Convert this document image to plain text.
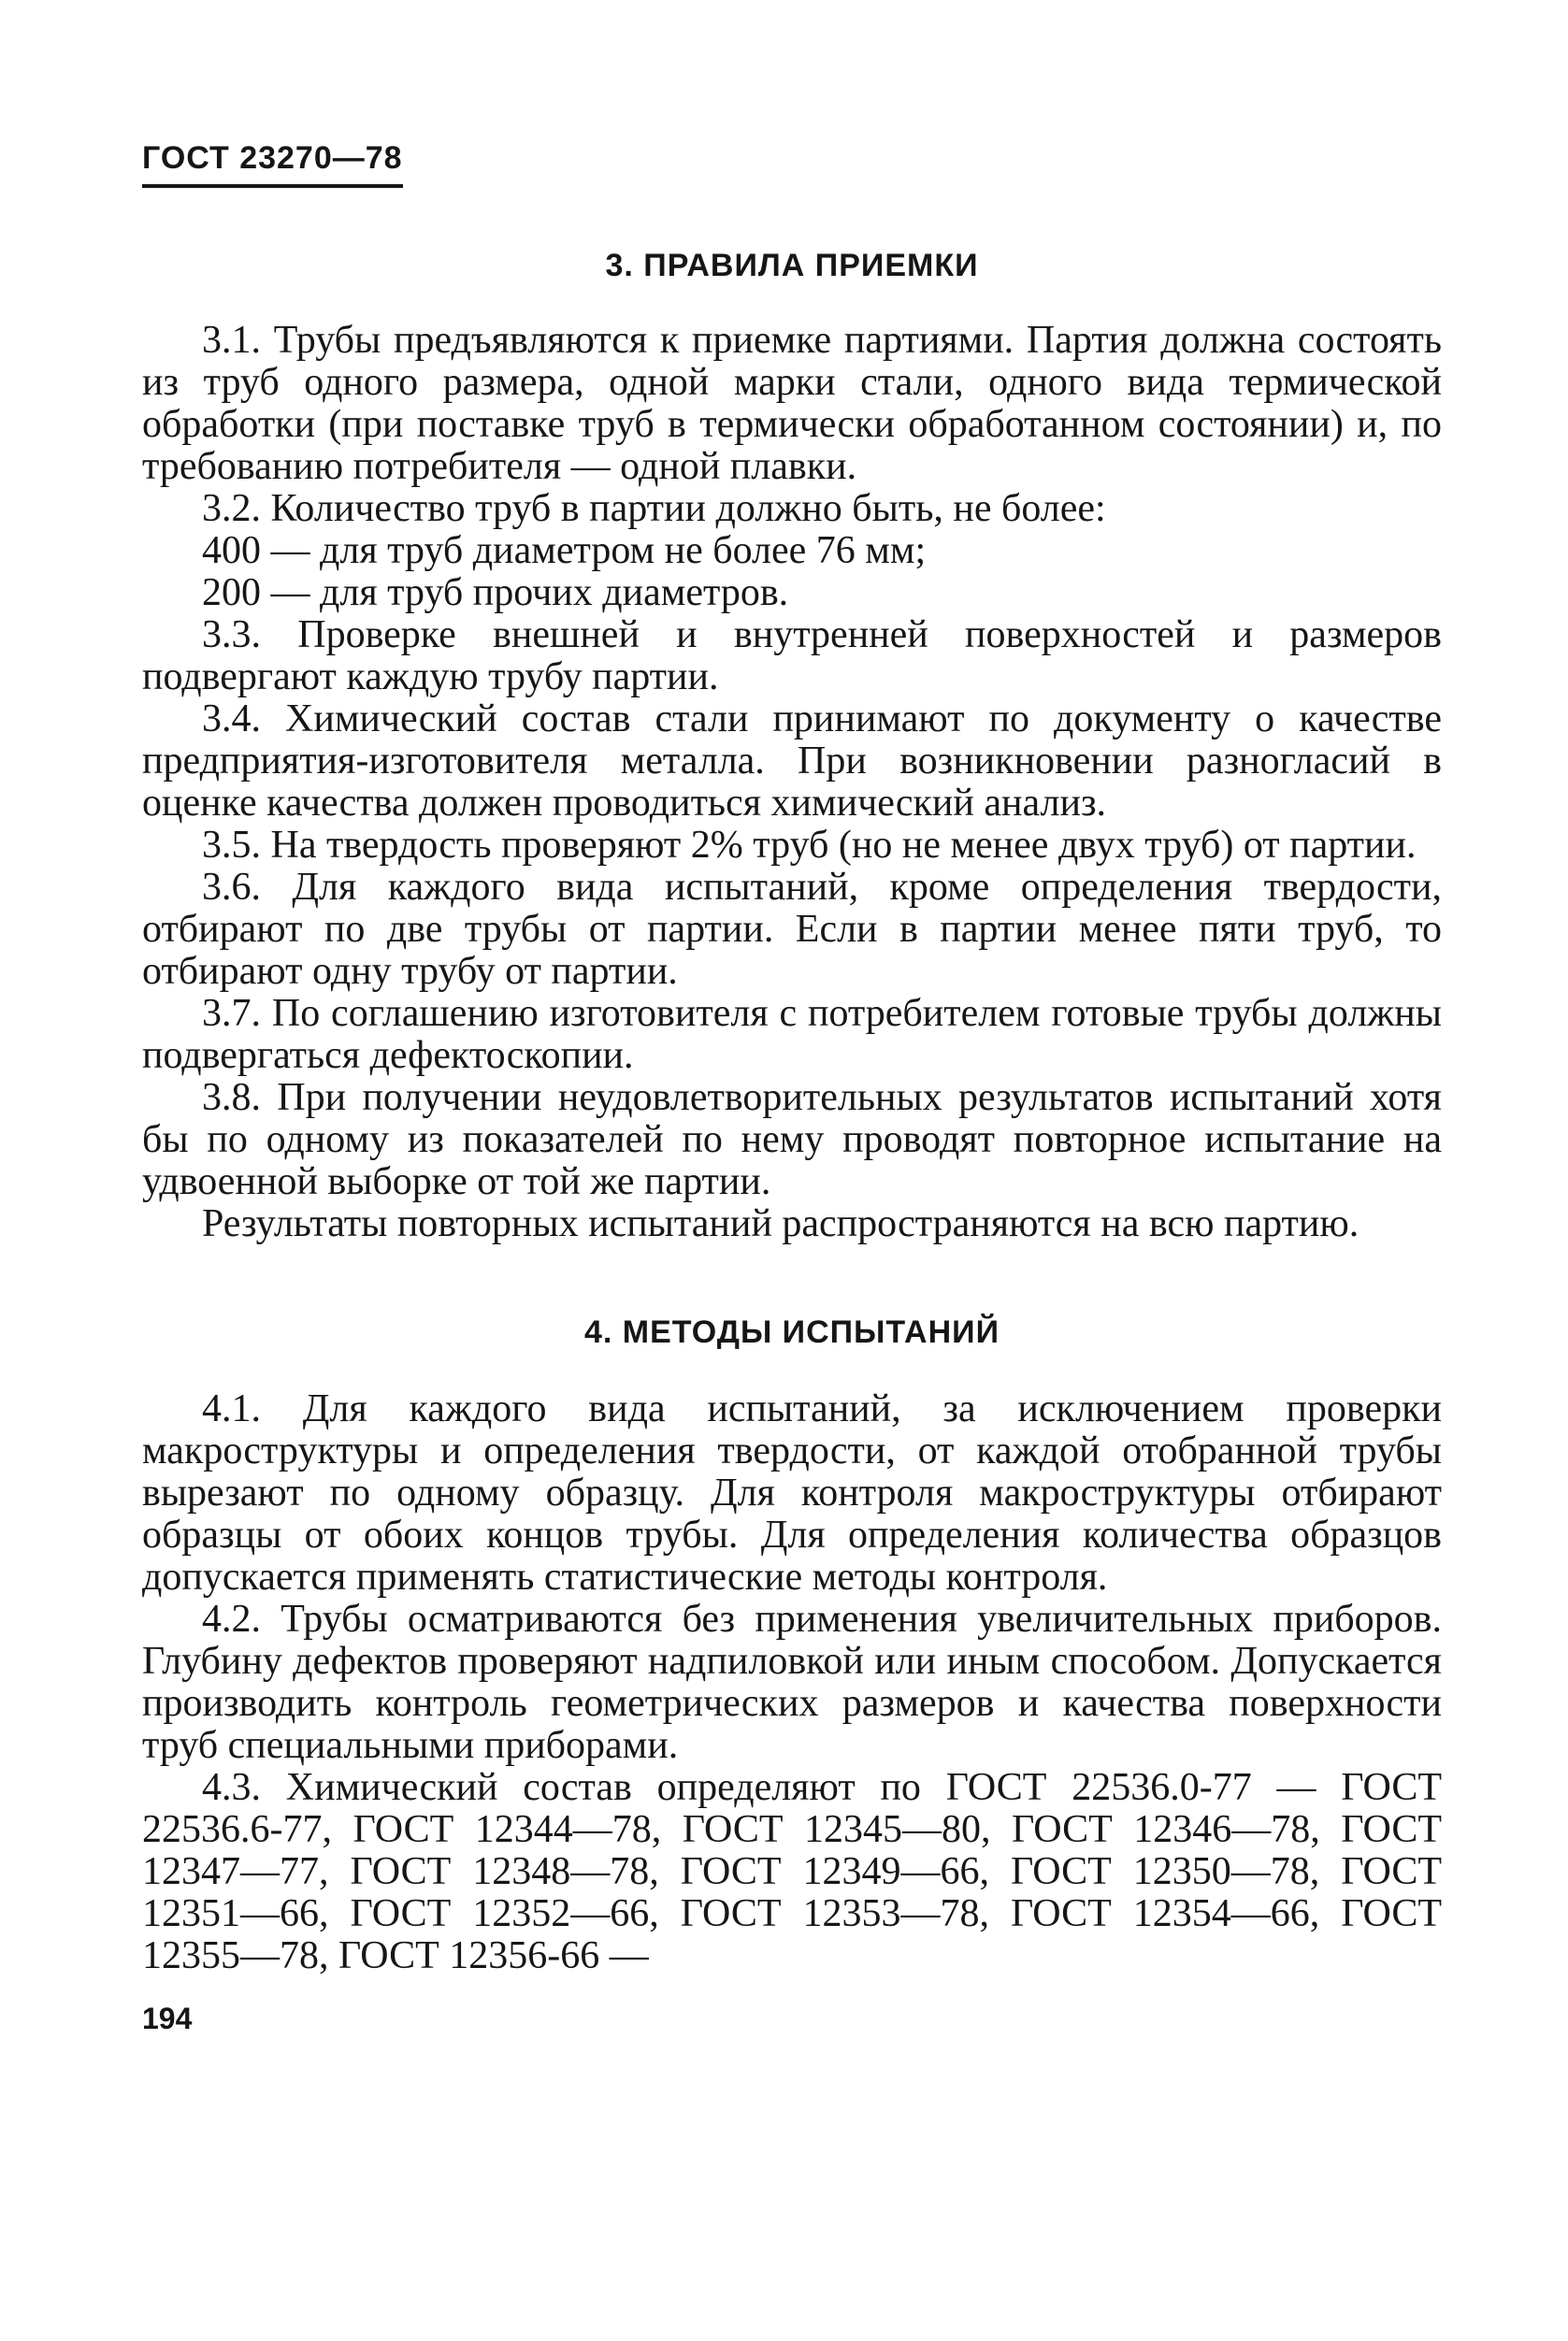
ГОСТ 23270—78
3. ПРАВИЛА ПРИЕМКИ

3.1. Трубы предъявляются к приемке партиями. Партия должна состоять из труб одного размера, одной марки стали, одного вида термической обработки (при поставке труб в термически обработанном состоянии) и, по требованию потребителя — одной плавки.

3.2. Количество труб в партии должно быть, не более:

400 — для труб диаметром не более 76 мм;

200 — для труб прочих диаметров.

3.3. Проверке внешней и внутренней поверхностей и размеров подвергают каждую трубу партии.

3.4. Химический состав стали принимают по документу о качестве предприятия-изготовителя металла. При возникновении разногласий в оценке качества должен проводиться химический анализ.

3.5. На твердость проверяют 2% труб (но не менее двух труб) от партии.

3.6. Для каждого вида испытаний, кроме определения твердости, отбирают по две трубы от партии. Если в партии менее пяти труб, то отбирают одну трубу от партии.

3.7. По соглашению изготовителя с потребителем готовые трубы должны подвергаться дефектоскопии.

3.8. При получении неудовлетворительных результатов испытаний хотя бы по одному из показателей по нему проводят повторное испытание на удвоенной выборке от той же партии.

Результаты повторных испытаний распространяются на всю партию.

4. МЕТОДЫ ИСПЫТАНИЙ

4.1. Для каждого вида испытаний, за исключением проверки макроструктуры и определения твердости, от каждой отобранной трубы вырезают по одному образцу. Для контроля макроструктуры отбирают образцы от обоих концов трубы. Для определения количества образцов допускается применять статистические методы контроля.

4.2. Трубы осматриваются без применения увеличительных приборов. Глубину дефектов проверяют надпиловкой или иным способом. Допускается производить контроль геометрических размеров и качества поверхности труб специальными приборами.

4.3. Химический состав определяют по ГОСТ 22536.0-77 — ГОСТ 22536.6-77, ГОСТ 12344—78, ГОСТ 12345—80, ГОСТ 12346—78, ГОСТ 12347—77, ГОСТ 12348—78, ГОСТ 12349—66, ГОСТ 12350—78, ГОСТ 12351—66, ГОСТ 12352—66, ГОСТ 12353—78, ГОСТ 12354—66, ГОСТ 12355—78, ГОСТ 12356-66 —

194
